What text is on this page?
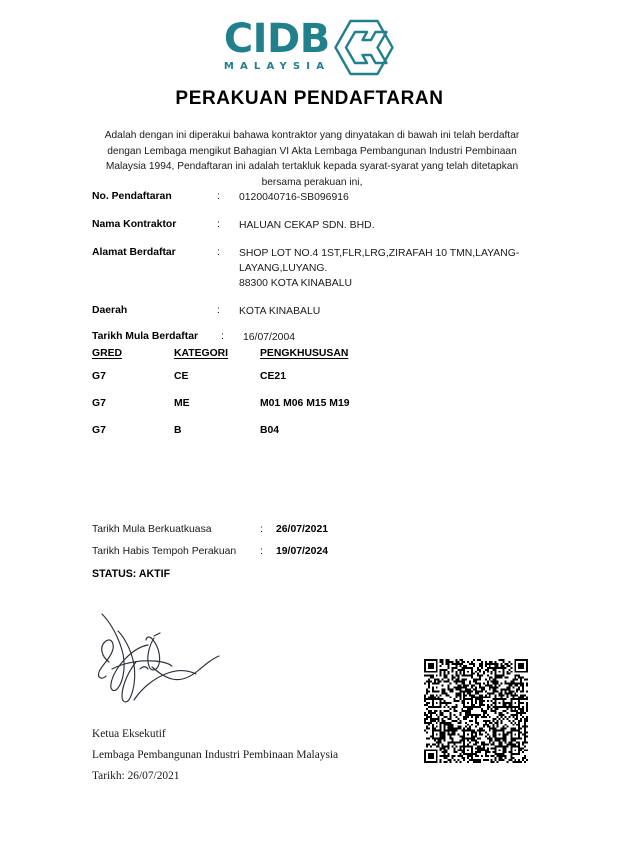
CIDB
MALAYSIA
PERAKUAN PENDAFTARAN
Adalah dengan ini diperakui bahawa kontraktor yang dinyatakan di bawah ini telah berdaftar dengan Lembaga mengikut Bahagian VI Akta Lembaga Pembangunan Industri Pembinaan Malaysia 1994, Pendaftaran ini adalah tertakluk kepada syarat-syarat yang telah ditetapkan bersama perakuan ini,
No. Pendaftaran	:	0120040716-SB096916
Nama Kontraktor	:	HALUAN CEKAP SDN. BHD.
Alamat Berdaftar	:	SHOP LOT NO.4 1ST,FLR,LRG,ZIRAFAH 10 TMN,LAYANG-
LAYANG,LUYANG.
88300 KOTA KINABALU
Daerah	:	KOTA KINABALU
Tarikh Mula Berdaftar	:	16/07/2004
GRED	KATEGORI	PENGKHUSUSAN
G7	CE	CE21
G7	ME	M01 M06 M15 M19
G7	B	B04
Tarikh Mula Berkuatkuasa	:	26/07/2021
Tarikh Habis Tempoh Perakuan	:	19/07/2024
STATUS: AKTIF
Ketua Eksekutif
Lembaga Pembangunan Industri Pembinaan Malaysia
Tarikh: 26/07/2021
